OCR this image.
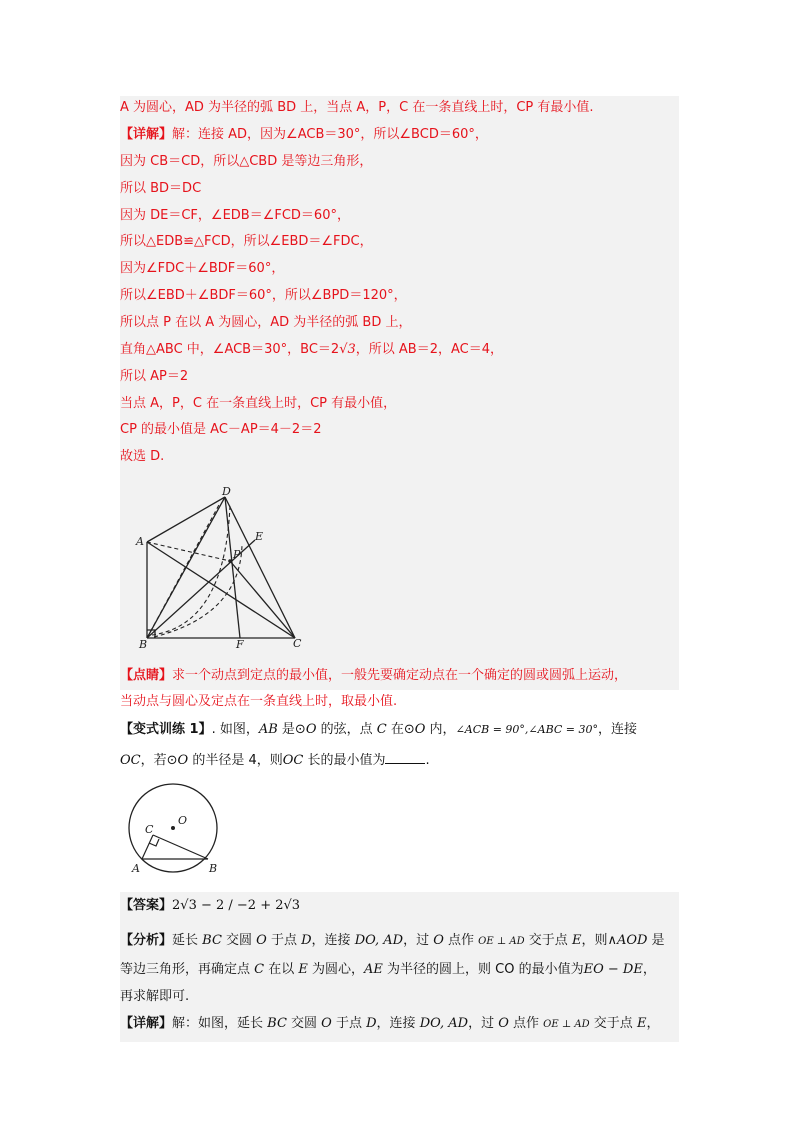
A 为圆心，AD 为半径的弧 BD 上，当点 A，P，C 在一条直线上时，CP 有最小值.
【详解】解：连接 AD，因为∠ACB＝30°，所以∠BCD＝60°，
因为 CB＝CD，所以△CBD 是等边三角形，
所以 BD＝DC
因为 DE＝CF，∠EDB＝∠FCD＝60°，
所以△EDB≌△FCD，所以∠EBD＝∠FDC，
因为∠FDC＋∠BDF＝60°，
所以∠EBD＋∠BDF＝60°，所以∠BPD＝120°，
所以点 P 在以 A 为圆心，AD 为半径的弧 BD 上，
直角△ABC 中，∠ACB＝30°，BC＝2√3，所以 AB＝2，AC＝4，
所以 AP＝2
当点 A，P，C 在一条直线上时，CP 有最小值，
CP 的最小值是 AC－AP＝4－2＝2
故选 D.
A
B	C
D
E
F
P
【点睛】求一个动点到定点的最小值，一般先要确定动点在一个确定的圆或圆弧上运动，
当动点与圆心及定点在一条直线上时，取最小值.
【变式训练 1】. 如图，AB 是⊙O 的弦，点 C 在⊙O 内，∠ACB = 90°,∠ABC = 30°，连接
OC，若⊙O 的半径是 4，则OC 长的最小值为	.
O
C
A	B
【答案】2√3 − 2 / −2 + 2√3
【分析】延长 BC 交圆 O 于点 D，连接 DO, AD，过 O 点作 OE ⊥ AD 交于点 E，则∧AOD 是
等边三角形，再确定点 C 在以 E 为圆心，AE 为半径的圆上，则 CO 的最小值为EO − DE，
再求解即可.
【详解】解：如图，延长 BC 交圆 O 于点 D，连接 DO, AD，过 O 点作 OE ⊥ AD 交于点 E，
